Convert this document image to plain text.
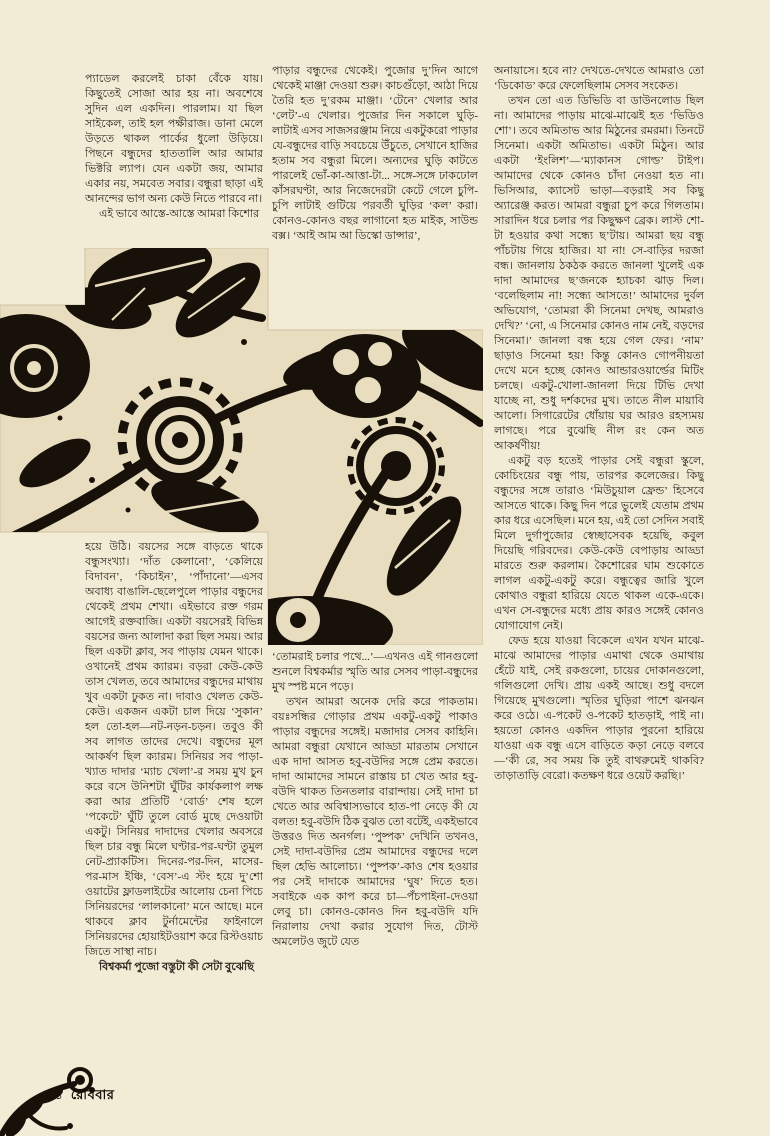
প্যাডেল করলেই চাকা বেঁকে যায়। কিছুতেই সোজা আর হয় না। অবশেষে সুদিন এল একদিন। পারলাম। যা ছিল সাইকেল, তাই হল পক্ষীরাজ। ডানা মেলে উড়তে থাকল পার্কের ধুলো উড়িয়ে। পিছনে বন্ধুদের হাততালি আর আমার ভিক্টরি ল্যাপ। যেন একটা জয়, আমার একার নয়, সমবেত সবার। বন্ধুরা ছাড়া এই আনন্দের ভাগ অন্য কেউ নিতে পারবে না।

এই ভাবে আস্তে-আস্তে আমরা কিশোর

হয়ে উঠি। বয়সের সঙ্গে বাড়তে থাকে বন্ধুসংখ্যা। ‘দাঁত কেলানো’, ‘কেলিয়ে বিদাবন’, ‘কিচাইন’, ‘পাঁদানো’—এসব অবাধ্য বাঙালি-ছেলেপুলে পাড়ার বন্ধুদের থেকেই প্রথম শেখা। এইভাবে রক্ত গরম আগেই রক্তবাজি। একটা বয়সেরই বিভিন্ন বয়সের জন্য আলাদা করা ছিল সময়। আর ছিল একটা ক্লাব, সব পাড়ায় যেমন থাকে। ওখানেই প্রথম ক্যারম। বড়রা কেউ-কেউ তাস খেলত, তবে আমাদের বন্ধুদের মাথায় খুব একটা ঢুকত না। দাবাও খেলত কেউ-কেউ। একজন একটা চাল দিয়ে ‘সুকান’ হল তো-হল—নট-নড়ন-চড়ন। তবুও কী সব লাগত তাদের দেখে। বন্ধুদের মূল আকর্ষণ ছিল ক্যারম। সিনিয়র সব পাড়া-খ্যাত দাদার ‘ম্যাচ খেলা’-র সময় মুখ চুন করে বসে উনিশটা ঘুঁটির কার্যকলাপ লক্ষ করা আর প্রতিটি ‘বোর্ড’ শেষ হলে ‘পকেটে’ ঘুঁটি তুলে বোর্ড মুছে দেওয়াটা একটু। সিনিয়র দাদাদের খেলার অবসরে ছিল চার বন্ধু মিলে ঘণ্টার-পর-ঘণ্টা তুমুল নেট-প্র্যাকটিস। দিনের-পর-দিন, মাসের-পর-মাস ইঞ্চি, ‘বেস’-এ স্টং হয়ে দু’শো ওয়াটের ফ্লাডলাইটের আলোয় চেনা পিচে সিনিয়রদের ‘লালকানো’ মনে আছে। মনে থাকবে ক্লাব টুর্নামেন্টের ফাইনালে সিনিয়রদের হোয়াইটওয়াশ করে রিস্টওয়াচ জিতে সাস্থা নাচ।

বিশ্বকর্মা পুজো বস্তুটা কী সেটা বুঝেছি

পাড়ার বন্ধুদের থেকেই। পুজোর দু’দিন আগে থেকেই মাঞ্জা দেওয়া শুরু। কাচগুঁড়ো, আঠা দিয়ে তৈরি হত দু’রকম মাঞ্জা। ‘টেনে’ খেলার আর ‘লেট’-এ খেলার। পুজোর দিন সকালে ঘুড়ি-লাটাই এসব সাজসরঞ্জাম নিয়ে একটুকরো পাড়ার যে-বন্ধুদের বাড়ি সবচেয়ে উঁচুতে, সেখানে হাজির হতাম সব বন্ধুরা মিলে। অন্যদের ঘুড়ি কাটতে পারলেই ভোঁ-কা-আত্তা-টা... সঙ্গে-সঙ্গে ঢাকঢোল কাঁসরঘণ্টা, আর নিজেদেরটা কেটে গেলে চুপি-চুপি লাটাই গুটিয়ে পরবর্তী ঘুড়ির ‘কল’ করা। কোনও-কোনও বছর লাগানো হত মাইক, সাউন্ড বক্স। ‘আই আম আ ডিস্কো ডান্সার’,

‘তোমরাই চলার পথে...’—এখনও এই গানগুলো শুনলে বিশ্বকর্মার স্মৃতি আর সেসব পাড়া-বন্ধুদের মুখ স্পষ্ট মনে পড়ে।

তখন আমরা অনেক দেরি করে পাকতাম। বয়ঃসন্ধির গোড়ার প্রথম একটু-একটু পাকাও পাড়ার বন্ধুদের সঙ্গেই। মজাদার সেসব কাহিনি। আমরা বন্ধুরা যেখানে আড্ডা মারতাম সেখানে এক দাদা আসত হবু-বউদির সঙ্গে প্রেম করতে। দাদা আমাদের সামনে রাস্তায় চা খেত আর হবু-বউদি থাকত তিনতলার বারান্দায়। সেই দাদা চা খেতে আর অবিশ্বাস্যভাবে হাত-পা নেড়ে কী যে বলত! হবু-বউদি ঠিক বুঝত তো বটেই, একইভাবে উত্তরও দিত অনর্গল। ‘পুষ্পক’ দেখিনি তখনও, সেই দাদা-বউদির প্রেম আমাদের বন্ধুদের দলে ছিল হেভি আলোচ্য। ‘পুষ্পক’-কাও শেষ হওয়ার পর সেই দাদাকে আমাদের ‘ঘুষ’ দিতে হত। সবাইকে এক কাপ করে চা—পঁচপাইনা-দেওয়া লেবু চা। কোনও-কোনও দিন হবু-বউদি যদি নিরালায় দেখা করার সুযোগ দিত, টোস্ট অমলেটও জুটে যেত

অনায়াসে। হবে না? দেখতে-দেখতে আমরাও তো ‘ডিকোড’ করে ফেলেছিলাম সেসব সংকেত।

তখন তো এত ডিভিডি বা ডাউনলোড ছিল না। আমাদের পাড়ায় মাঝে-মাঝেই হত ‘ভিডিও শো’। তবে অমিতাভ আর মিঠুনের রমরমা। তিনটে সিনেমা। একটা অমিতাভ। একটা মিঠুন। আর একটা ‘ইংলিশ’—‘ম্যাকানস গোল্ড’ টাইপ। আমাদের থেকে কোনও চাঁদা নেওয়া হত না। ভিসিআর, ক্যাসেট ভাড়া—বড়রাই সব কিছু অ্যারেঞ্জ করত। আমরা বন্ধুরা চুপ করে গিলতাম। সারাদিন ধরে চলার পর কিছুক্ষণ ব্রেক। লাস্ট শো-টা হওয়ার কথা সন্ধ্যে ছ’টায়। আমরা ছয় বন্ধু পাঁচটায় গিয়ে হাজির। যা না! সে-বাড়ির দরজা বন্ধ। জানলায় ঠকঠক করতে জানলা খুলেই এক দাদা আমাদের ছ’জনকে হ্যাচকা ঝাড় দিল। ‘বলেছিলাম না! সন্ধ্যে আসতে!’ আমাদের দুর্বল অভিযোগ, ‘তোমরা কী সিনেমা দেখছ, আমরাও দেখি?’ ‘নো, এ সিনেমার কোনও নাম নেই, বড়দের সিনেমা।’ জানলা বন্ধ হয়ে গেল ফের। ‘নাম’ ছাড়াও সিনেমা হয়! কিন্তু কোনও গোপনীয়তা দেখে মনে হচ্ছে কোনও আন্ডারওয়ার্ল্ডের মিটিং চলছে। একটু-খোলা-জানলা দিয়ে টিভি দেখা যাচ্ছে না, শুধু দর্শকদের মুখ। তাতে নীল মায়াবি আলো। সিগারেটের ধোঁয়ায় ঘর আরও রহস্যময় লাগছে। পরে বুঝেছি নীল রং কেন অত আকর্ষণীয়!

একটু বড় হতেই পাড়ার সেই বন্ধুরা স্কুলে, কোচিংয়ের বন্ধু পায়, তারপর কলেজের। কিছু বন্ধুদের সঙ্গে তারাও ‘মিউচুয়াল ফ্রেন্ড’ হিসেবে আসতে থাকে। কিছু দিন পরে ভুলেই যেতাম প্রথম কার ধরে এসেছিল। মনে হয়, এই তো সেদিন সবাই মিলে দুর্গাপুজোর স্বেচ্ছাসেবক হয়েছি, কবুল দিয়েছি গরিবদের। কেউ-কেউ বেপাড়ায় আড্ডা মারতে শুরু করলাম। কৈশোরের ঘাম শুকোতে লাগল একটু-একটু করে। বন্ধুত্বের জারি খুলে কোথাও বন্ধুরা হারিয়ে যেতে থাকল একে-একে। এখন সে-বন্ধুদের মধ্যে প্রায় কারও সঙ্গেই কোনও যোগাযোগ নেই।

ফেড হয়ে যাওয়া বিকেলে এখন যখন মাঝে-মাঝে আমাদের পাড়ার এমাথা থেকে ওমাথায় হেঁটে যাই, সেই রকগুলো, চায়ের দোকানগুলো, গলিগুলো দেখি। প্রায় একই আছে। শুধু বদলে গিয়েছে মুখগুলো। স্মৃতির ঘুড়িরা পাশে ঝনঝন করে ওঠে। এ-পকেট ও-পকেট হাতড়াই, পাই না। হয়তো কোনও একদিন পাড়ার পুরনো হারিয়ে যাওয়া এক বন্ধু এসে বাড়িতে কড়া নেড়ে বলবে—‘কী রে, সব সময় কি তুই বাথরুমেই থাকবি? তাড়াতাড়ি বেরো। কতক্ষণ ধরে ওয়েট করছি।’

৫৪ রোববার
